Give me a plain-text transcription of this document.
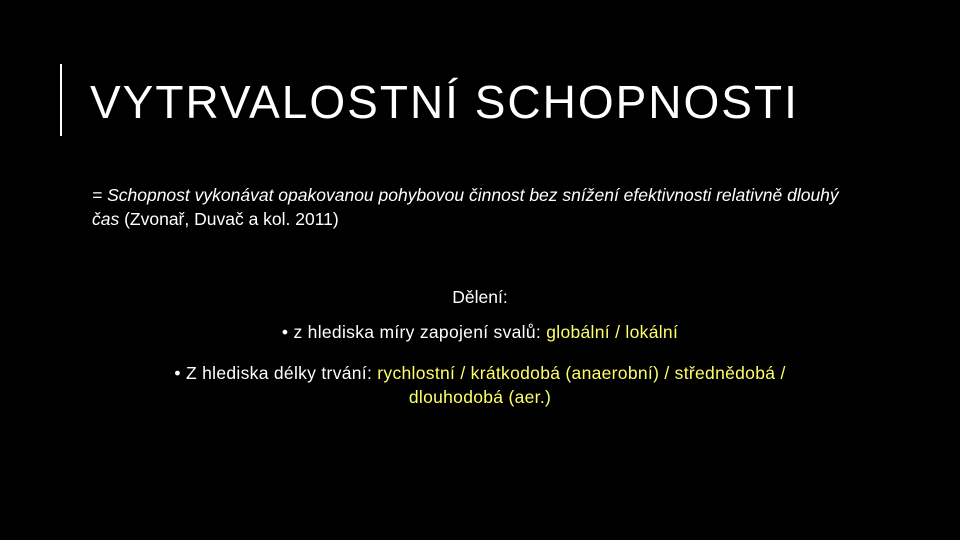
VYTRVALOSTNÍ SCHOPNOSTI
= Schopnost vykonávat opakovanou pohybovou činnost bez snížení efektivnosti relativně dlouhý čas (Zvonař, Duvač a kol. 2011)
Dělení:
• z hlediska míry zapojení svalů: globální / lokální
• Z hlediska délky trvání: rychlostní / krátkodobá (anaerobní) / střednědobá /
dlouhodobá (aer.)
